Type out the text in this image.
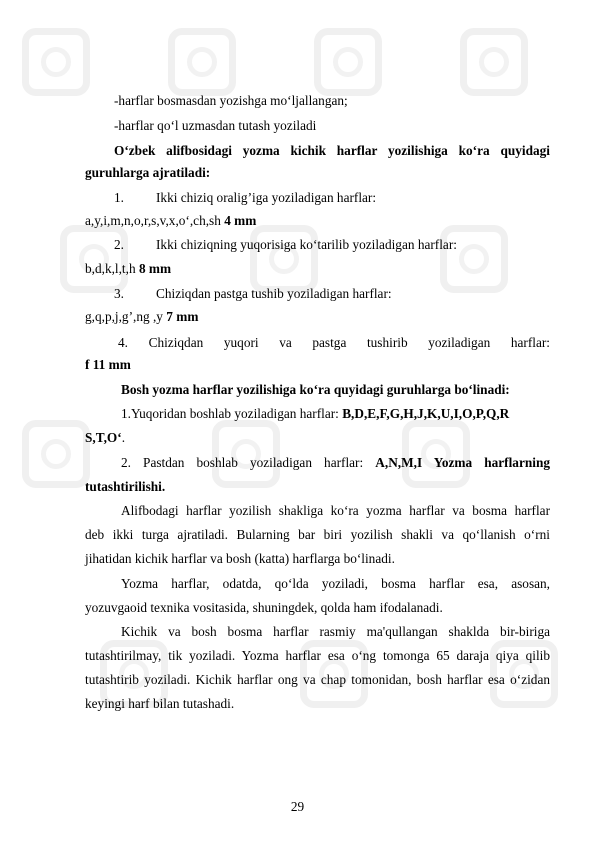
-harflar bosmasdan yozishga mo‘ljallangan;
-harflar qo‘l uzmasdan tutash yoziladi
O‘zbek alifbosidagi yozma kichik harflar yozilishiga ko‘ra quyidagi
guruhlarga ajratiladi:
1. Ikki chiziq oralig’iga yoziladigan harflar:
a,y,i,m,n,o,r,s,v,x,o‘,ch,sh 4 mm
2. Ikki chiziqning yuqorisiga ko‘tarilib yoziladigan harflar:
b,d,k,l,t,h 8 mm
3. Chiziqdan pastga tushib yoziladigan harflar:
g,q,p,j,g’,ng ,y 7 mm
4. Chiziqdan yuqori va pastga tushirib yoziladigan harflar:
f 11 mm
Bosh yozma harflar yozilishiga ko‘ra quyidagi guruhlarga bo‘linadi:
1.Yuqoridan boshlab yoziladigan harflar: B,D,E,F,G,H,J,K,U,I,O,P,Q,R
S,T,O‘.
2. Pastdan boshlab yoziladigan harflar: A,N,M,I Yozma harflarning
tutashtirilishi.
Alifbodagi harflar yozilish shakliga ko‘ra yozma harflar va bosma harflar
deb ikki turga ajratiladi. Bularning bar biri yozilish shakli va qo‘llanish o‘rni
jihatidan kichik harflar va bosh (katta) harflarga bo‘linadi.
Yozma harflar, odatda, qo‘lda yoziladi, bosma harflar esa, asosan,
yozuvgaoid texnika vositasida, shuningdek, qolda ham ifodalanadi.
Kichik va bosh bosma harflar rasmiy ma'qullangan shaklda bir-biriga
tutashtirilmay, tik yoziladi. Yozma harflar esa o‘ng tomonga 65 daraja qiya qilib
tutashtirib yoziladi. Kichik harflar ong va chap tomonidan, bosh harflar esa o‘zidan
keyingi harf bilan tutashadi.
29
